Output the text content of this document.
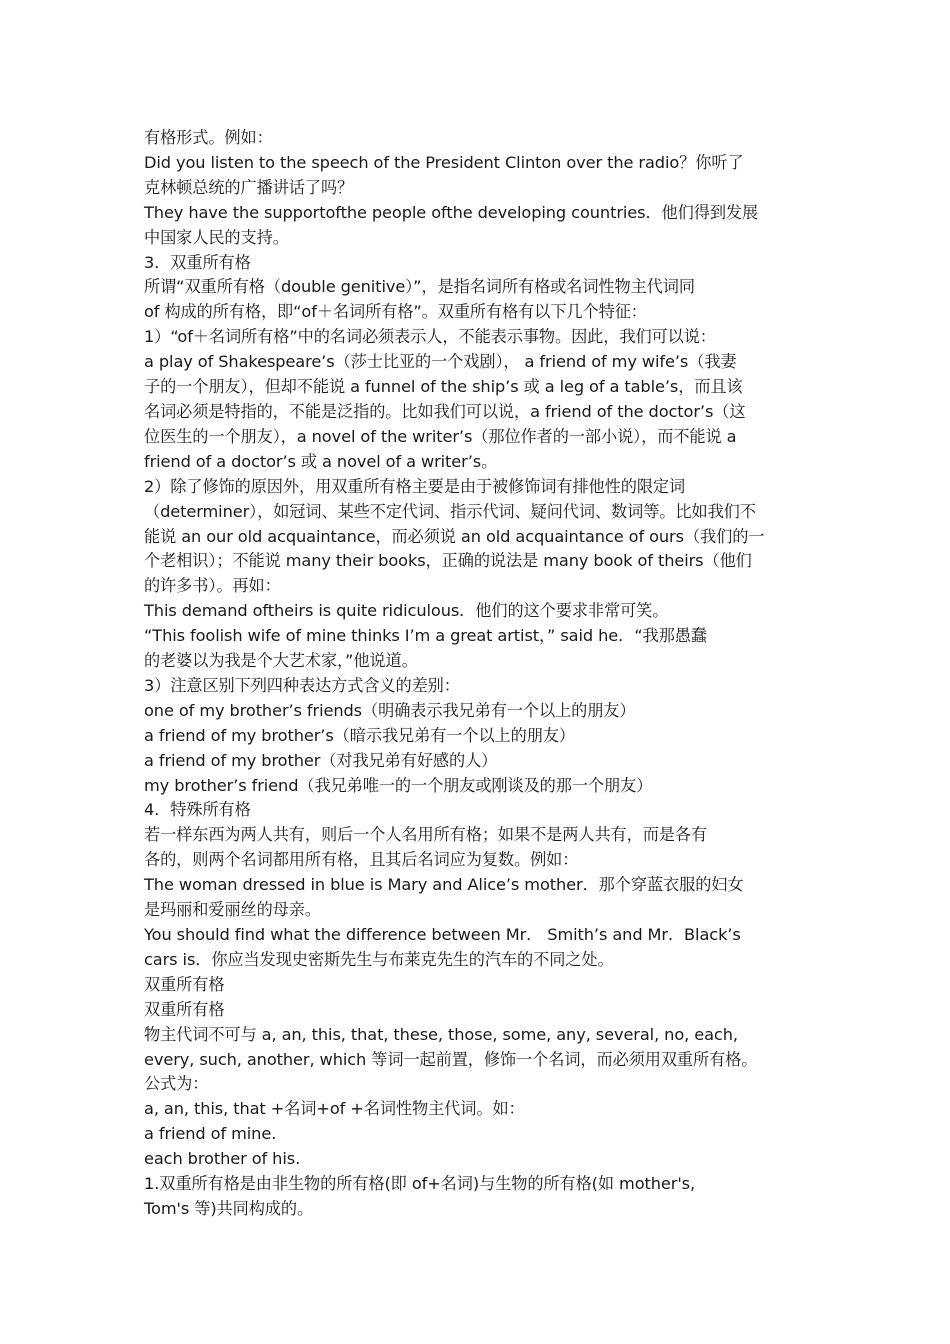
有格形式。例如：

Did you listen to the speech of the President Clinton over the radio？你听了

克林顿总统的广播讲话了吗？

They have the supportofthe people ofthe developing countries．他们得到发展

中国家人民的支持。

3．双重所有格

所谓“双重所有格（double genitive）”，是指名词所有格或名词性物主代词同

of 构成的所有格，即“of＋名词所有格”。双重所有格有以下几个特征：

1）“of＋名词所有格”中的名词必须表示人，不能表示事物。因此，我们可以说：

a play of Shakespeare’s（莎士比亚的一个戏剧）， a friend of my wife’s（我妻

子的一个朋友），但却不能说 a funnel of the ship’s 或 a leg of a table’s，而且该

名词必须是特指的，不能是泛指的。比如我们可以说，a friend of the doctor’s（这

位医生的一个朋友），a novel of the writer’s（那位作者的一部小说），而不能说 a

friend of a doctor’s 或 a novel of a writer’s。

2）除了修饰的原因外，用双重所有格主要是由于被修饰词有排他性的限定词

（determiner），如冠词、某些不定代词、指示代词、疑问代词、数词等。比如我们不

能说 an our old acquaintance，而必须说 an old acquaintance of ours（我们的一

个老相识）；不能说 many their books，正确的说法是 many book of theirs（他们

的许多书）。再如：

This demand oftheirs is quite ridiculous．他们的这个要求非常可笑。

“This foolish wife of mine thinks I’m a great artist，” said he．“我那愚蠢

的老婆以为我是个大艺术家，”他说道。

3）注意区别下列四种表达方式含义的差别：

one of my brother’s friends（明确表示我兄弟有一个以上的朋友）

a friend of my brother’s（暗示我兄弟有一个以上的朋友）

a friend of my brother（对我兄弟有好感的人）

my brother’s friend（我兄弟唯一的一个朋友或刚谈及的那一个朋友）

4．特殊所有格

若一样东西为两人共有，则后一个人名用所有格；如果不是两人共有，而是各有

各的，则两个名词都用所有格，且其后名词应为复数。例如：

The woman dressed in blue is Mary and Alice’s mother．那个穿蓝衣服的妇女

是玛丽和爱丽丝的母亲。

You should find what the difference between Mr． Smith’s and Mr．Black’s

cars is．你应当发现史密斯先生与布莱克先生的汽车的不同之处。

双重所有格

双重所有格

物主代词不可与 a, an, this, that, these, those, some, any, several, no, each,

every, such, another, which 等词一起前置，修饰一个名词，而必须用双重所有格。

公式为：

a, an, this, that +名词+of +名词性物主代词。如：

a friend of mine.

each brother of his.

1.双重所有格是由非生物的所有格(即 of+名词)与生物的所有格(如 mother's,

Tom's 等)共同构成的。
